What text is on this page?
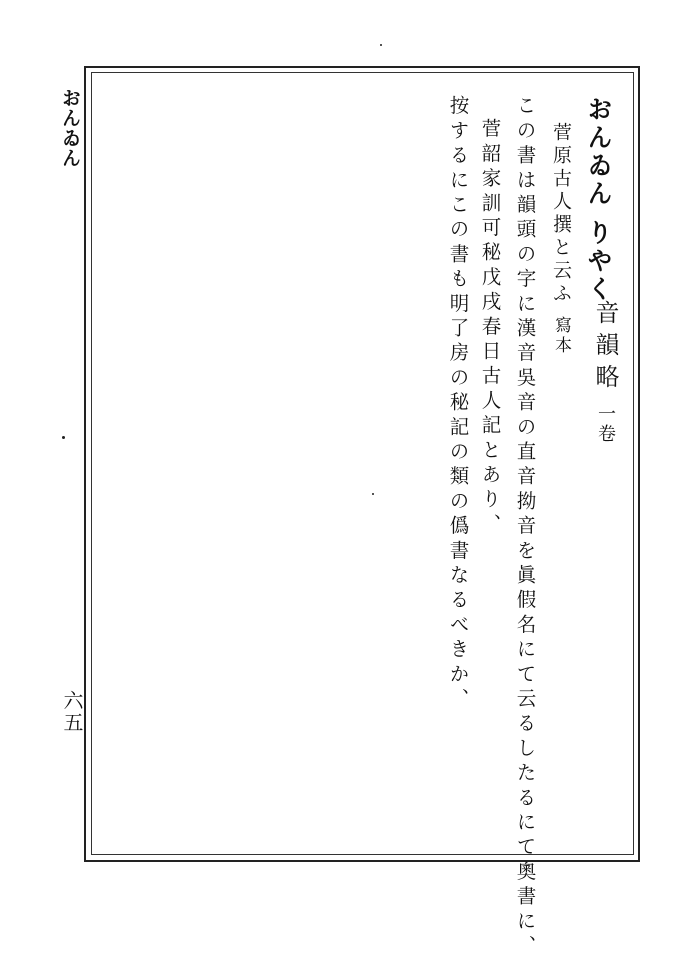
おんゐん
六五
おんゐん りやく
音韻略一卷
菅原古人撰と云ふ寫本
この書は韻頭の字に漢音吳音の直音拗音を眞假名にて云るしたるにて奧書に、
菅韶家訓可秘戊戌春日古人記とあり、
按するにこの書も明了房の秘記の類の僞書なるべきか、
